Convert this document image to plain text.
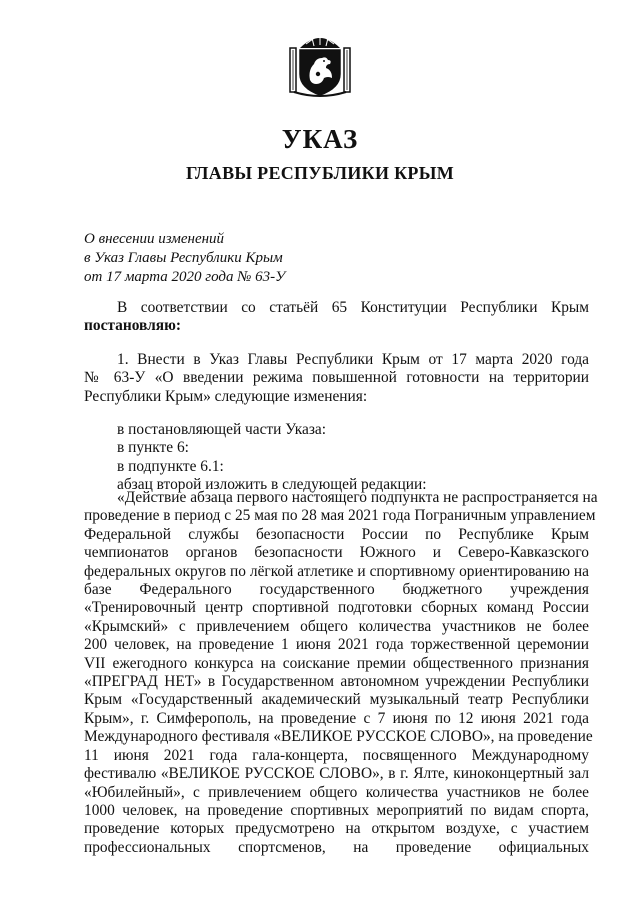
УКАЗ
ГЛАВЫ РЕСПУБЛИКИ КРЫМ
О внесении изменений
в Указ Главы Республики Крым
от 17 марта 2020 года № 63-У
В соответствии со статьёй 65 Конституции Республики Крым
постановляю:
1. Внести в Указ Главы Республики Крым от 17 марта 2020 года
№ 63-У «О введении режима повышенной готовности на территории
Республики Крым» следующие изменения:
в постановляющей части Указа:
в пункте 6:
в подпункте 6.1:
абзац второй изложить в следующей редакции:
«Действие абзаца первого настоящего подпункта не распространяется на
проведение в период с 25 мая по 28 мая 2021 года Пограничным управлением
Федеральной службы безопасности России по Республике Крым
чемпионатов органов безопасности Южного и Северо-Кавказского
федеральных округов по лёгкой атлетике и спортивному ориентированию на
базе Федерального государственного бюджетного учреждения
«Тренировочный центр спортивной подготовки сборных команд России
«Крымский» с привлечением общего количества участников не более
200 человек, на проведение 1 июня 2021 года торжественной церемонии
VII ежегодного конкурса на соискание премии общественного признания
«ПРЕГРАД НЕТ» в Государственном автономном учреждении Республики
Крым «Государственный академический музыкальный театр Республики
Крым», г. Симферополь, на проведение с 7 июня по 12 июня 2021 года
Международного фестиваля «ВЕЛИКОЕ РУССКОЕ СЛОВО», на проведение
11 июня 2021 года гала-концерта, посвященного Международному
фестивалю «ВЕЛИКОЕ РУССКОЕ СЛОВО», в г. Ялте, киноконцертный зал
«Юбилейный», с привлечением общего количества участников не более
1000 человек, на проведение спортивных мероприятий по видам спорта,
проведение которых предусмотрено на открытом воздухе, с участием
профессиональных спортсменов, на проведение официальных
